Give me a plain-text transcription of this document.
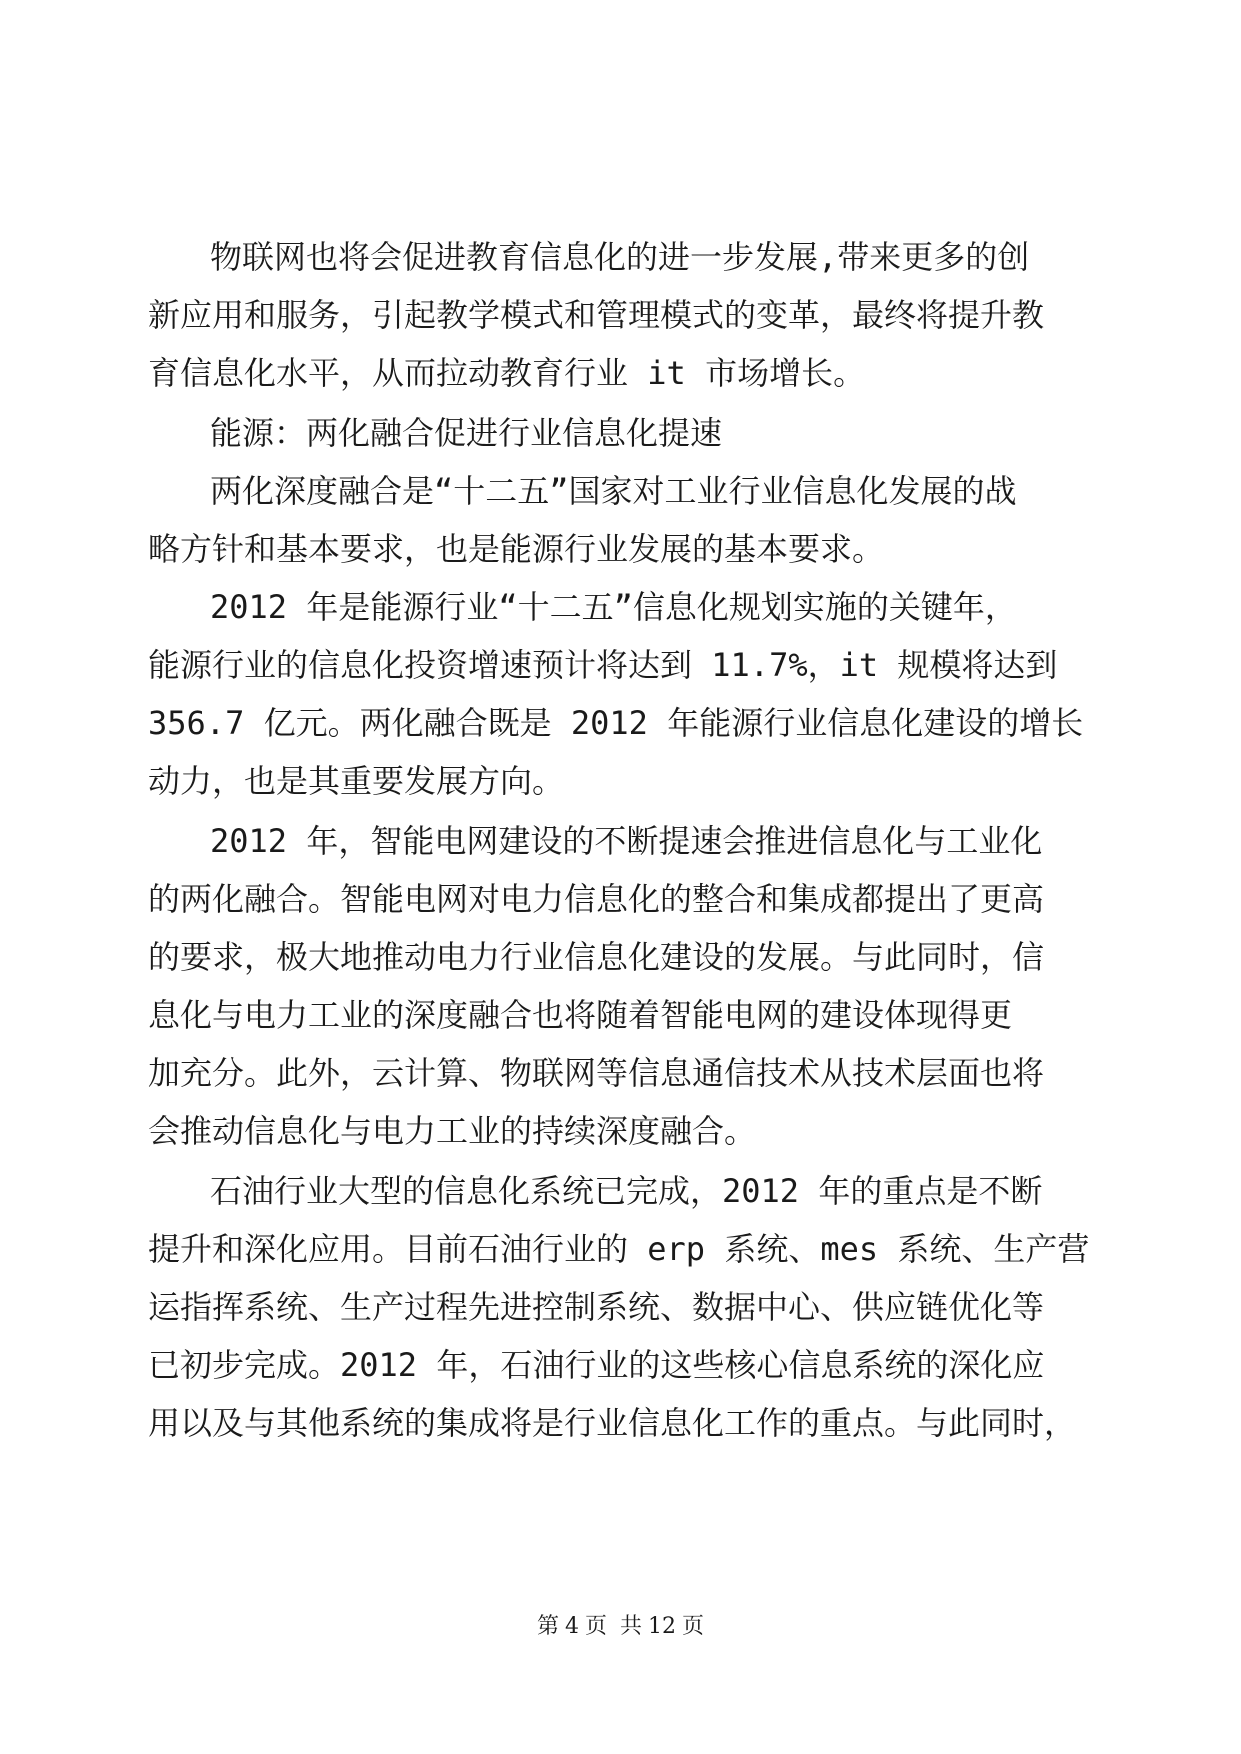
物联网也将会促进教育信息化的进一步发展,带来更多的创
新应用和服务，引起教学模式和管理模式的变革，最终将提升教
育信息化水平，从而拉动教育行业 it 市场增长。
能源：两化融合促进行业信息化提速
两化深度融合是“十二五”国家对工业行业信息化发展的战
略方针和基本要求，也是能源行业发展的基本要求。
2012 年是能源行业“十二五”信息化规划实施的关键年，
能源行业的信息化投资增速预计将达到 11.7%，it 规模将达到
356.7 亿元。两化融合既是 2012 年能源行业信息化建设的增长
动力，也是其重要发展方向。
2012 年，智能电网建设的不断提速会推进信息化与工业化
的两化融合。智能电网对电力信息化的整合和集成都提出了更高
的要求，极大地推动电力行业信息化建设的发展。与此同时，信
息化与电力工业的深度融合也将随着智能电网的建设体现得更
加充分。此外，云计算、物联网等信息通信技术从技术层面也将
会推动信息化与电力工业的持续深度融合。
石油行业大型的信息化系统已完成，2012 年的重点是不断
提升和深化应用。目前石油行业的 erp 系统、mes 系统、生产营
运指挥系统、生产过程先进控制系统、数据中心、供应链优化等
已初步完成。2012 年，石油行业的这些核心信息系统的深化应
用以及与其他系统的集成将是行业信息化工作的重点。与此同时，
第 4 页 共 12 页
